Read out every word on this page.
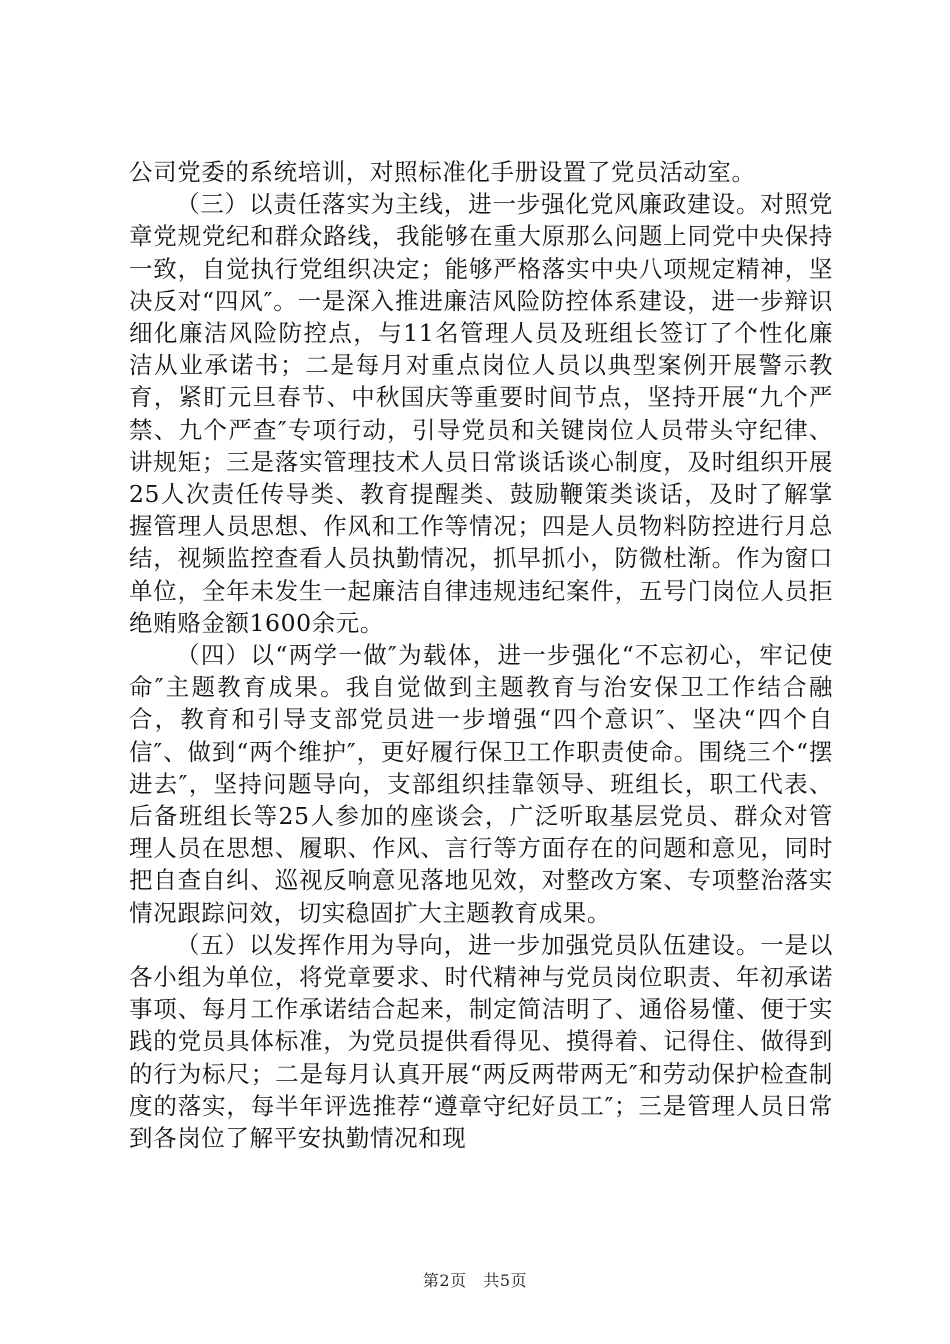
公司党委的系统培训，对照标准化手册设置了党员活动室。

（三）以责任落实为主线，进一步强化党风廉政建设。对照党章党规党纪和群众路线，我能够在重大原那么问题上同党中央保持一致，自觉执行党组织决定；能够严格落实中央八项规定精神，坚决反对“四风″。一是深入推进廉洁风险防控体系建设，进一步辩识细化廉洁风险防控点，与11名管理人员及班组长签订了个性化廉洁从业承诺书；二是每月对重点岗位人员以典型案例开展警示教育，紧盯元旦春节、中秋国庆等重要时间节点，坚持开展“九个严禁、九个严查″专项行动，引导党员和关键岗位人员带头守纪律、讲规矩；三是落实管理技术人员日常谈话谈心制度，及时组织开展25人次责任传导类、教育提醒类、鼓励鞭策类谈话，及时了解掌握管理人员思想、作风和工作等情况；四是人员物料防控进行月总结，视频监控查看人员执勤情况，抓早抓小，防微杜渐。作为窗口单位，全年未发生一起廉洁自律违规违纪案件，五号门岗位人员拒绝贿赂金额1600余元。

（四）以“两学一做″为载体，进一步强化“不忘初心，牢记使命″主题教育成果。我自觉做到主题教育与治安保卫工作结合融合，教育和引导支部党员进一步增强“四个意识″、坚决“四个自信″、做到“两个维护″，更好履行保卫工作职责使命。围绕三个“摆进去″，坚持问题导向，支部组织挂靠领导、班组长，职工代表、后备班组长等25人参加的座谈会，广泛听取基层党员、群众对管理人员在思想、履职、作风、言行等方面存在的问题和意见，同时把自查自纠、巡视反响意见落地见效，对整改方案、专项整治落实情况跟踪问效，切实稳固扩大主题教育成果。

（五）以发挥作用为导向，进一步加强党员队伍建设。一是以各小组为单位，将党章要求、时代精神与党员岗位职责、年初承诺事项、每月工作承诺结合起来，制定简洁明了、通俗易懂、便于实践的党员具体标准，为党员提供看得见、摸得着、记得住、做得到的行为标尺；二是每月认真开展“两反两带两无″和劳动保护检查制度的落实，每半年评选推荐“遵章守纪好员工″；三是管理人员日常到各岗位了解平安执勤情况和现

第2页 共5页
